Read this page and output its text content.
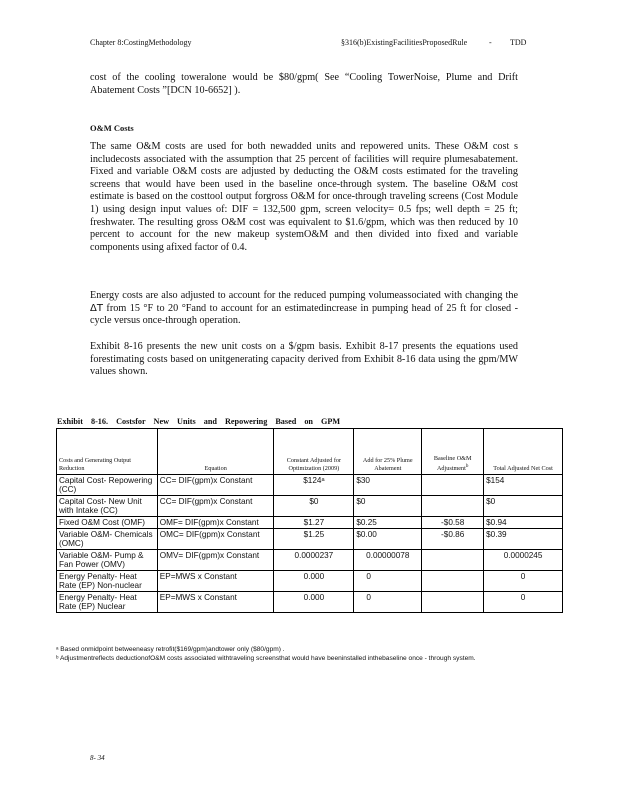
Chapter 8:CostingMethodology	§316(b)ExistingFacilitiesProposedRule	- TDD
cost of the cooling toweralone would be $80/gpm( See “Cooling TowerNoise, Plume and Drift Abatement Costs ”[DCN 10-6652] ).
O&M Costs
The same O&M costs are used for both newadded units and repowered units. These O&M cost s includecosts associated with the assumption that 25 percent of facilities will require plumesabatement. Fixed and variable O&M costs are adjusted by deducting the O&M costs estimated for the traveling screens that would have been used in the baseline once-through system. The baseline O&M cost estimate is based on the costtool output forgross O&M for once-through traveling screens (Cost Module 1) using design input values of: DIF = 132,500 gpm, screen velocity= 0.5 fps; well depth = 25 ft; freshwater. The resulting gross O&M cost was equivalent to $1.6/gpm, which was then reduced by 10 percent to account for the new makeup systemO&M and then divided into fixed and variable components using afixed factor of 0.4.
Energy costs are also adjusted to account for the reduced pumping volumeassociated with changing the ΔT from 15 °F to 20 °Fand to account for an estimatedincrease in pumping head of 25 ft for closed -cycle versus once-through operation.
Exhibit 8-16 presents the new unit costs on a $/gpm basis. Exhibit 8-17 presents the equations used forestimating costs based on unitgenerating capacity derived from Exhibit 8-16 data using the gpm/MW values shown.
Exhibit 8-16. Costsfor New Units and Repowering Based on GPM
Costs and Generating Output Reduction	Equation	Constant Adjusted for Optimization (2009)	Add for 25% Plume Abatement	Baseline O&M Adjustment$^b$	Total Adjusted Net Cost
Capital Cost- Repowering (CC)	CC= DIF(gpm)x Constant	$124ᵃ	$30		$154
Capital Cost- New Unit with Intake (CC)	CC= DIF(gpm)x Constant	$0	$0		$0
Fixed O&M Cost (OMF)	OMF= DIF(gpm)x Constant	$1.27	$0.25	-$0.58	$0.94
Variable O&M- Chemicals (OMC)	OMC= DIF(gpm)x Constant	$1.25	$0.00	-$0.86	$0.39
Variable O&M- Pump & Fan Power (OMV)	OMV= DIF(gpm)x Constant	0.0000237	0.00000078		0.0000245
Energy Penalty- Heat Rate (EP) Non-nuclear	EP=MWS x Constant	0.000	0		0
Energy Penalty- Heat Rate (EP) Nuclear	EP=MWS x Constant	0.000	0		0
ᵃ Based onmidpoint betweeneasy retrofit($169/gpm)andtower only ($80/gpm) .
ᵇ Adjustmentreflects deductionofO&M costs associated withtraveling screensthat would have beeninstalled inthebaseline once - through system.
8- 34
